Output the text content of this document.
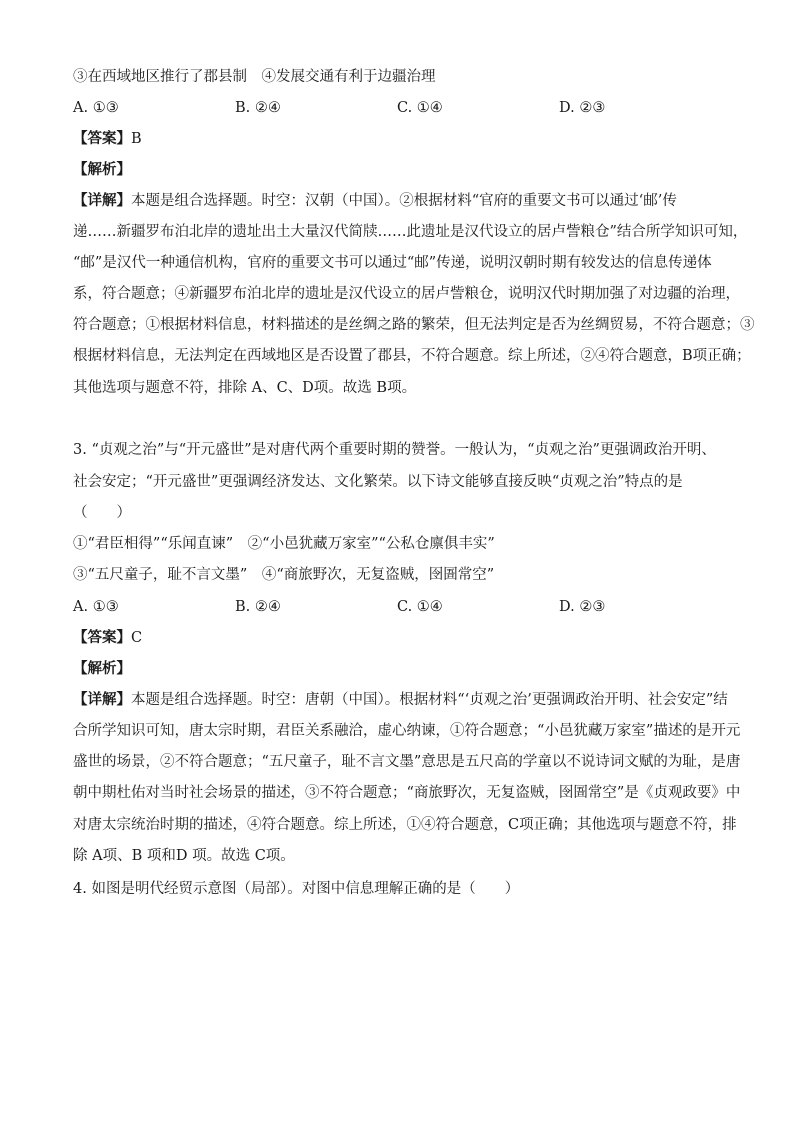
③在西域地区推行了郡县制　④发展交通有利于边疆治理
A. ①③	B. ②④	C. ①④	D. ②③
【答案】B
【解析】
【详解】本题是组合选择题。时空：汉朝（中国）。②根据材料“官府的重要文书可以通过‘邮’传
递……新疆罗布泊北岸的遗址出土大量汉代简牍……此遗址是汉代设立的居卢訾粮仓”结合所学知识可知，
“邮”是汉代一种通信机构，官府的重要文书可以通过“邮”传递，说明汉朝时期有较发达的信息传递体
系，符合题意；④新疆罗布泊北岸的遗址是汉代设立的居卢訾粮仓，说明汉代时期加强了对边疆的治理，
符合题意；①根据材料信息，材料描述的是丝绸之路的繁荣，但无法判定是否为丝绸贸易，不符合题意；③
根据材料信息，无法判定在西域地区是否设置了郡县，不符合题意。综上所述，②④符合题意，B项正确；
其他选项与题意不符，排除 A、C、D项。故选 B项。
3. “贞观之治”与“开元盛世”是对唐代两个重要时期的赞誉。一般认为，“贞观之治”更强调政治开明、
社会安定；“开元盛世”更强调经济发达、文化繁荣。以下诗文能够直接反映“贞观之治”特点的是
（　　）
①“君臣相得”“乐闻直谏”　②“小邑犹藏万家室”“公私仓廪俱丰实”
③“五尺童子，耻不言文墨”　④“商旅野次，无复盗贼，囹圄常空”
A. ①③	B. ②④	C. ①④	D. ②③
【答案】C
【解析】
【详解】本题是组合选择题。时空：唐朝（中国）。根据材料“‘贞观之治’更强调政治开明、社会安定”结
合所学知识可知，唐太宗时期，君臣关系融洽，虚心纳谏，①符合题意；“小邑犹藏万家室”描述的是开元
盛世的场景，②不符合题意；“五尺童子，耻不言文墨”意思是五尺高的学童以不说诗词文赋的为耻，是唐
朝中期杜佑对当时社会场景的描述，③不符合题意；“商旅野次，无复盗贼，囹圄常空”是《贞观政要》中
对唐太宗统治时期的描述，④符合题意。综上所述，①④符合题意，C项正确；其他选项与题意不符，排
除 A项、B 项和D 项。故选 C项。
4. 如图是明代经贸示意图（局部）。对图中信息理解正确的是（　　）
